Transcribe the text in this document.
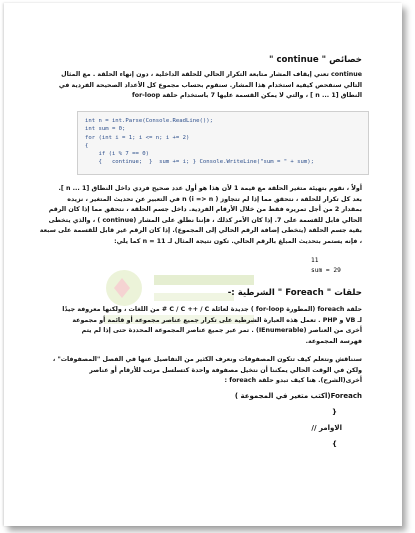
خصائص " continue "
continue تعني إيقاف المشار متابعة التكرار الحالي للحلقة الداخلية ، دون إنهاء الحلقة . مع المثال
التالي سنفحص كيفية استخدام هذا المشار. سنقوم بحساب مجموع كل الأعداد الصحيحة الفردية في
النطاق [1 ... n ] ، والتي لا يمكن القسمة عليها 7 باستخدام حلقة for-loop
int n = int.Parse(Console.ReadLine());
int sum = 0;
for (int i = 1; i <= n; i += 2)
{
if (i % 7 == 0)
{   continue;  }  sum += i; } Console.WriteLine("sum = " + sum);
أولاً ، نقوم بتهيئة متغير الحلقة مع قيمة 1 لأن هذا هو أول عدد صحيح فردي داخل النطاق [1 ... n ].
بعد كل تكرار للحلقة ، نتحقق مما إذا لم تتجاوز n (i => n ) في التعبير عن تحديث المتغير ، نزيده
بمقدار 2 من أجل تمريره فقط من خلال الأرقام الفردية. داخل جسم الحلقة ، نتحقق مما إذا كان الرقم
الحالي قابل للقسمة على 7. إذا كان الأمر كذلك ، فإننا نطلق على المشار (continue ) ، والذي يتخطى
بقية جسم الحلقة (يتخطى إضافة الرقم الحالي إلى المجموع). إذا كان الرقم غير قابل للقسمة على سبعة
، فإنه يستمر بتحديث المبلغ بالرقم الحالي. تكون نتيجة المثال لـ n = 11 كما يلي:
11
sum = 29
حلقات " Foreach " الشرطية :-
حلقة foreach (المطورة for-loop ) جديدة لعائلة C / C ++ / C # من اللغات ، ولكنها معروفة جيدًا
لـ VB و PHP . تعمل هذه العبارة الشرطية على تكرار جميع عناصر مجموعة أو قائمة أو مجموعة
أخرى من العناصر (IEnumerable) . تمر عبر جميع عناصر المجموعة المحددة حتى إذا لم يتم
فهرسة المجموعة.
سنناقش ونتعلم كيف تتكون المصفوفات ونعرف الكثير من التفاصيل عنها في الفصل "المصفوفات" ،
ولكن في الوقت الحالي يمكننا أن نتخيل مصفوفة واحدة كتسلسل مرتب للأرقام أو عناصر
أخرى(الشرح). هنا كيف تبدو حلقة foreach :
Foreach(اكتب متغير في المجموعة )
}
الاوامر //
{
